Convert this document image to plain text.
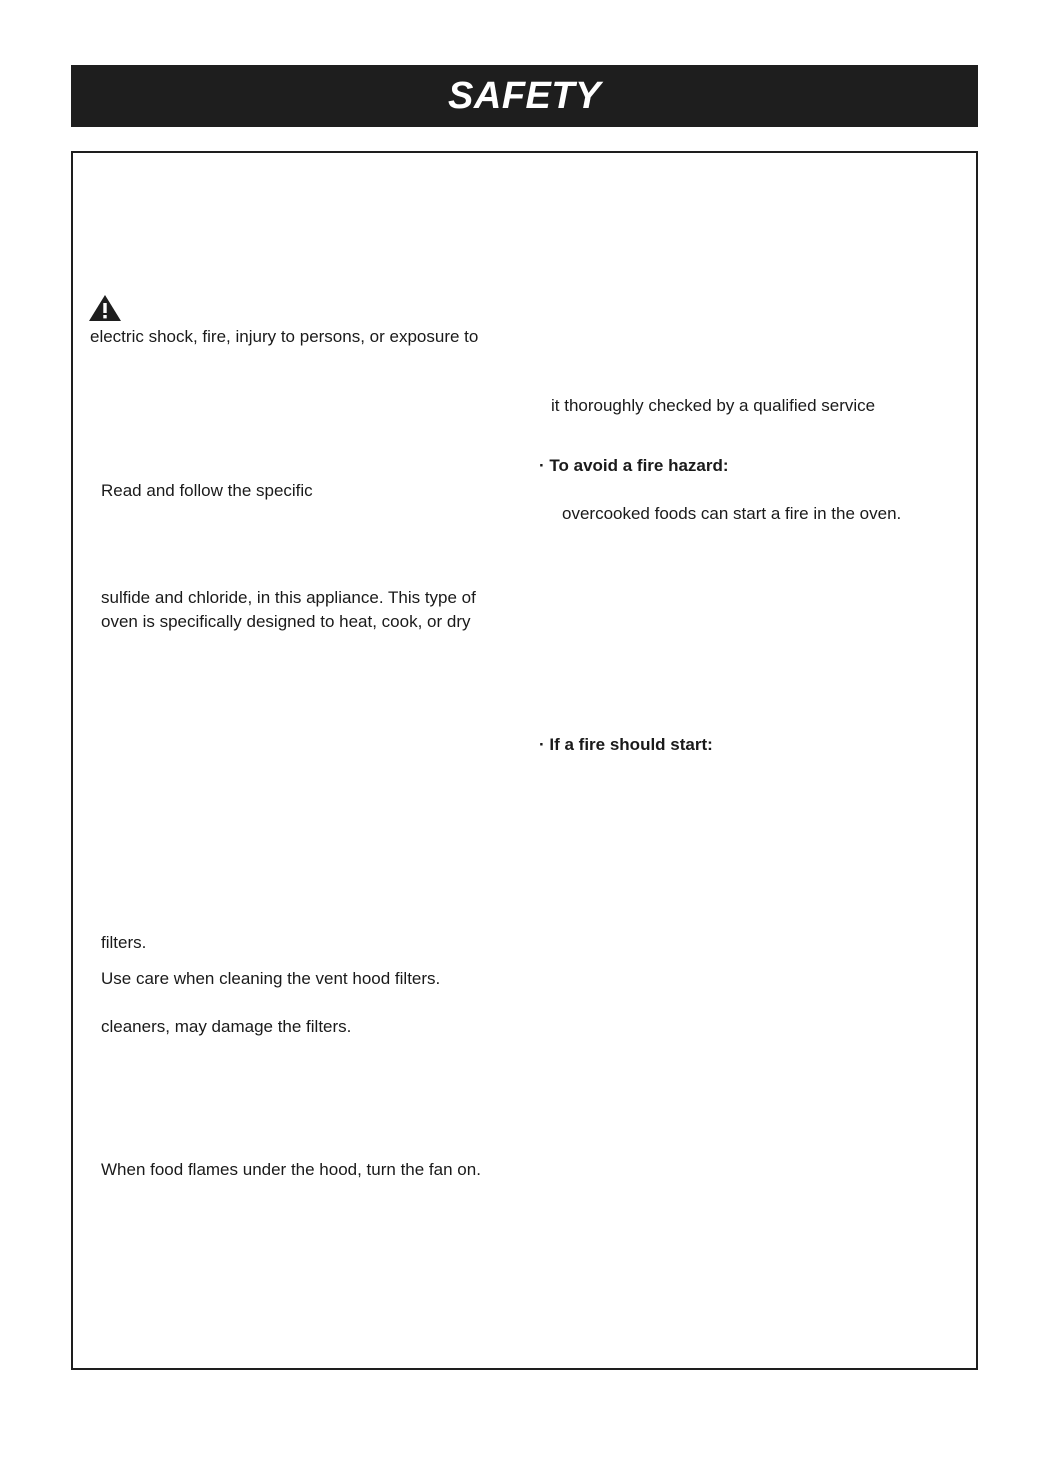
SAFETY
electric shock, fire, injury to persons, or exposure to
Read and follow the specific
sulfide and chloride, in this appliance. This type of
oven is specifically designed to heat, cook, or dry
filters.
Use care when cleaning the vent hood filters.
cleaners, may damage the filters.
When food flames under the hood, turn the fan on.
it thoroughly checked by a qualified service
· To avoid a fire hazard:
overcooked foods can start a fire in the oven.
· If a fire should start:
